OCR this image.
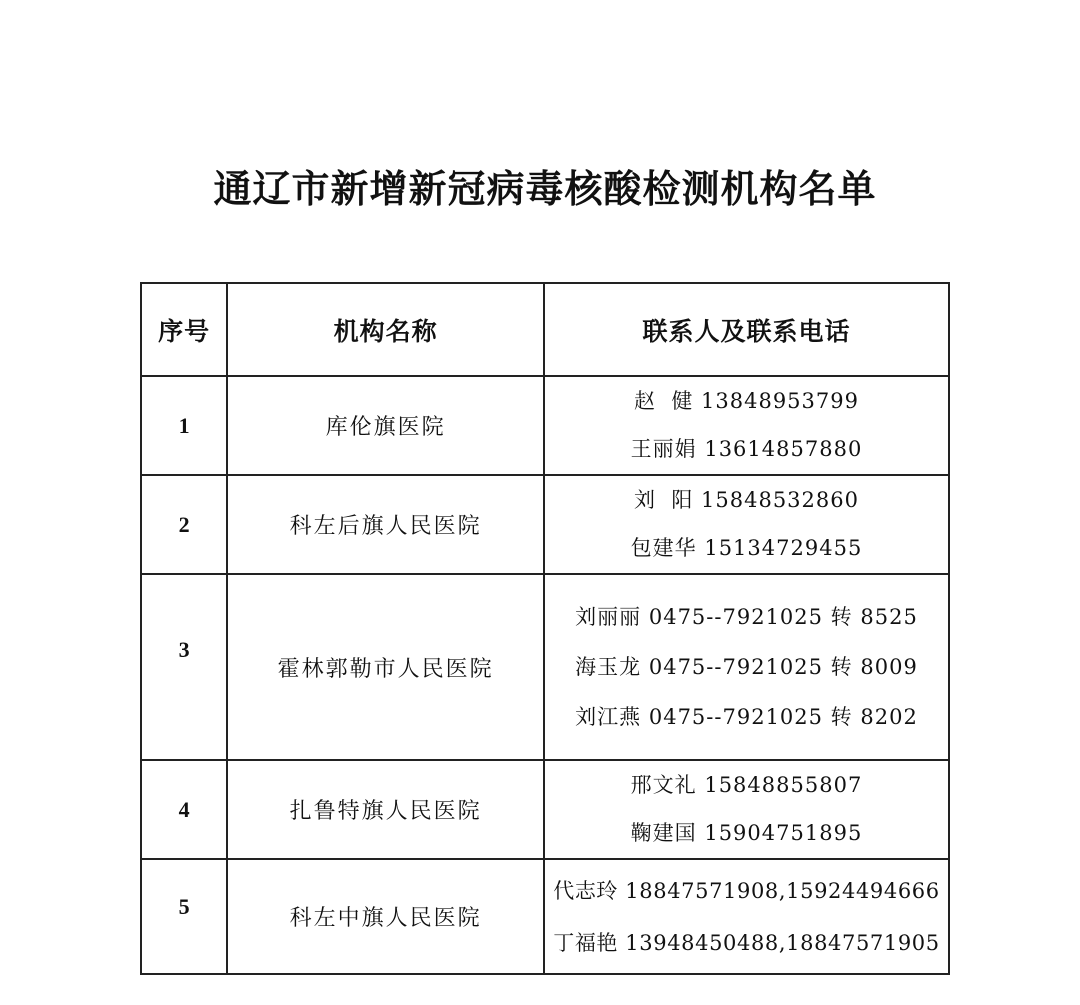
通辽市新增新冠病毒核酸检测机构名单
序号	机构名称	联系人及联系电话
1	库伦旗医院	赵  健 13848953799
王丽娟 13614857880

2	科左后旗人民医院	刘  阳 15848532860
包建华 15134729455

3	霍林郭勒市人民医院	刘丽丽 0475--7921025 转 8525
海玉龙 0475--7921025 转 8009
刘江燕 0475--7921025 转 8202

4	扎鲁特旗人民医院	邢文礼 15848855807
鞠建国 15904751895

5	科左中旗人民医院	代志玲 18847571908,15924494666
丁福艳 13948450488,18847571905
